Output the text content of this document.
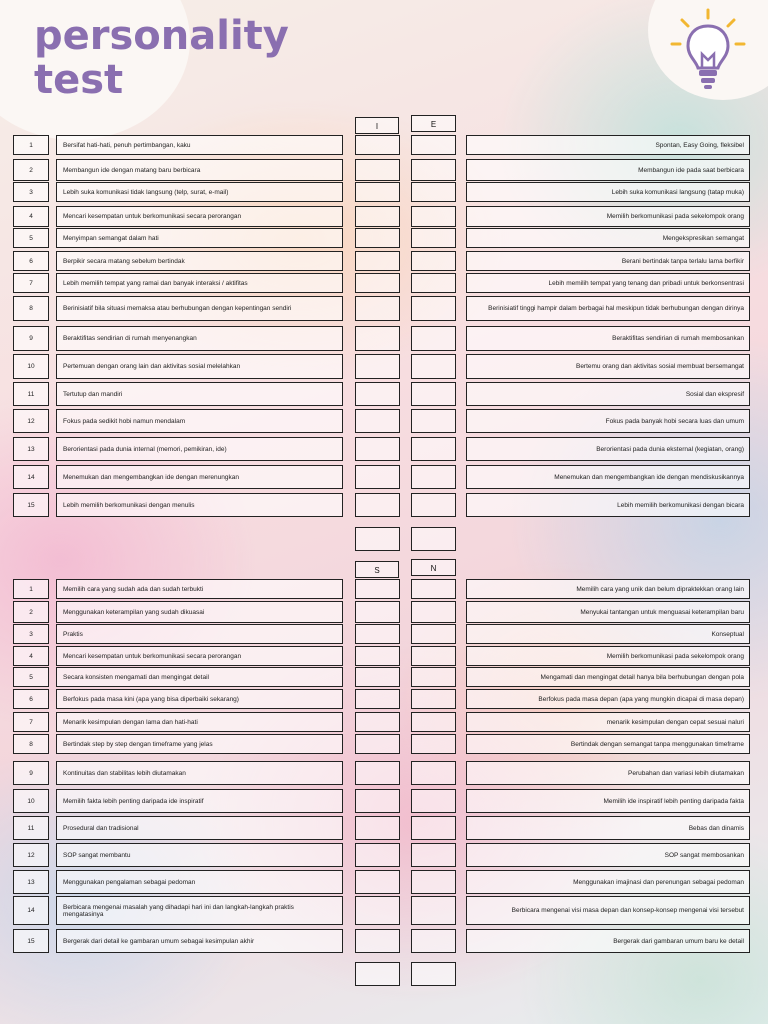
personality
test
I	E
1	Bersifat hati-hati, penuh pertimbangan, kaku	Spontan, Easy Going, fleksibel
2	Membangun ide dengan matang baru berbicara	Membangun ide pada saat berbicara
3	Lebih suka komunikasi tidak langsung (telp, surat, e-mail)	Lebih suka komunikasi langsung (tatap muka)
4	Mencari kesempatan untuk berkomunikasi secara perorangan	Memilih berkomunikasi pada sekelompok orang
5	Menyimpan semangat dalam hati	Mengekspresikan semangat
6	Berpikir secara matang sebelum bertindak	Berani bertindak tanpa terlalu lama berfikir
7	Lebih memilih tempat yang ramai dan banyak interaksi / aktifitas	Lebih memilih tempat yang tenang dan pribadi untuk berkonsentrasi
8	Berinisiatif bila situasi memaksa atau berhubungan dengan kepentingan sendiri	Berinisiatif tinggi hampir dalam berbagai hal meskipun tidak berhubungan dengan dirinya
9	Beraktifitas sendirian di rumah menyenangkan	Beraktifitas sendirian di rumah membosankan
10	Pertemuan dengan orang lain dan aktivitas sosial melelahkan	Bertemu orang dan aktivitas sosial membuat bersemangat
11	Tertutup dan mandiri	Sosial dan ekspresif
12	Fokus pada sedikit hobi namun mendalam	Fokus pada banyak hobi secara luas dan umum
13	Berorientasi pada dunia internal (memori, pemikiran, ide)	Berorientasi pada dunia eksternal (kegiatan, orang)
14	Menemukan dan mengembangkan ide dengan merenungkan	Menemukan dan mengembangkan ide dengan mendiskusikannya
15	Lebih memilih berkomunikasi dengan menulis	Lebih memilih berkomunikasi dengan bicara
S	N
1	Memilih cara yang sudah ada dan sudah terbukti	Memilih cara yang unik dan belum dipraktekkan orang lain
2	Menggunakan keterampilan yang sudah dikuasai	Menyukai tantangan untuk menguasai keterampilan baru
3	Praktis	Konseptual
4	Mencari kesempatan untuk berkomunikasi secara perorangan	Memilih berkomunikasi pada sekelompok orang
5	Secara konsisten mengamati dan mengingat detail	Mengamati dan mengingat detail hanya bila berhubungan dengan pola
6	Berfokus pada masa kini (apa yang bisa diperbaiki sekarang)	Berfokus pada masa depan (apa yang mungkin dicapai di masa depan)
7	Menarik kesimpulan dengan lama dan hati-hati	menarik kesimpulan dengan cepat sesuai naluri
8	Bertindak step by step dengan timeframe yang jelas	Bertindak dengan semangat tanpa menggunakan timeframe
9	Kontinuitas dan stabilitas lebih diutamakan	Perubahan dan variasi lebih diutamakan
10	Memilih fakta lebih penting daripada ide inspiratif	Memilih ide inspiratif lebih penting daripada fakta
11	Prosedural dan tradisional	Bebas dan dinamis
12	SOP sangat membantu	SOP sangat membosankan
13	Menggunakan pengalaman sebagai pedoman	Menggunakan imajinasi dan perenungan sebagai pedoman
14	Berbicara mengenai masalah yang dihadapi hari ini dan langkah-langkah praktis mengatasinya	Berbicara mengenai visi masa depan dan konsep-konsep mengenai visi tersebut
15	Bergerak dari detail ke gambaran umum sebagai kesimpulan akhir	Bergerak dari gambaran umum baru ke detail
